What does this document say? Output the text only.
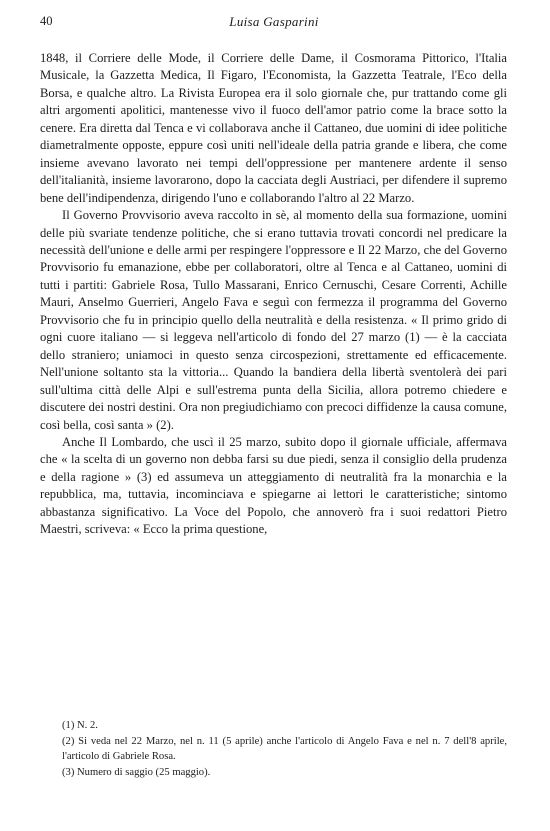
40	Luisa Gasparini

1848, il Corriere delle Mode, il Corriere delle Dame, il Cosmorama Pittorico, l'Italia Musicale, la Gazzetta Medica, Il Figaro, l'Economista, la Gazzetta Teatrale, l'Eco della Borsa, e qualche altro. La Rivista Europea era il solo giornale che, pur trattando come gli altri argomenti apolitici, mantenesse vivo il fuoco dell'amor patrio come la brace sotto la cenere. Era diretta dal Tenca e vi collaborava anche il Cattaneo, due uomini di idee politiche diametralmente opposte, eppure così uniti nell'ideale della patria grande e libera, che come insieme avevano lavorato nei tempi dell'oppressione per mantenere ardente il senso dell'italianità, insieme lavorarono, dopo la cacciata degli Austriaci, per difendere il supremo bene dell'indipendenza, dirigendo l'uno e collaborando l'altro al 22 Marzo.

Il Governo Provvisorio aveva raccolto in sè, al momento della sua formazione, uomini delle più svariate tendenze politiche, che si erano tuttavia trovati concordi nel predicare la necessità dell'unione e delle armi per respingere l'oppressore e Il 22 Marzo, che del Governo Provvisorio fu emanazione, ebbe per collaboratori, oltre al Tenca e al Cattaneo, uomini di tutti i partiti: Gabriele Rosa, Tullo Massarani, Enrico Cernuschi, Cesare Correnti, Achille Mauri, Anselmo Guerrieri, Angelo Fava e seguì con fermezza il programma del Governo Provvisorio che fu in principio quello della neutralità e della resistenza. « Il primo grido di ogni cuore italiano — si leggeva nell'articolo di fondo del 27 marzo (1) — è la cacciata dello straniero; uniamoci in questo senza circospezioni, strettamente ed efficacemente. Nell'unione soltanto sta la vittoria... Quando la bandiera della libertà sventolerà dei pari sull'ultima città delle Alpi e sull'estrema punta della Sicilia, allora potremo chiedere e discutere dei nostri destini. Ora non pregiudichiamo con precoci diffidenze la causa comune, così bella, così santa » (2).

Anche Il Lombardo, che uscì il 25 marzo, subito dopo il giornale ufficiale, affermava che « la scelta di un governo non debba farsi su due piedi, senza il consiglio della prudenza e della ragione » (3) ed assumeva un atteggiamento di neutralità fra la monarchia e la repubblica, ma, tuttavia, incominciava e spiegarne ai lettori le caratteristiche; sintomo abbastanza significativo. La Voce del Popolo, che annoverò fra i suoi redattori Pietro Maestri, scriveva: « Ecco la prima questione,

(1) N. 2.

(2) Si veda nel 22 Marzo, nel n. 11 (5 aprile) anche l'articolo di Angelo Fava e nel n. 7 dell'8 aprile, l'articolo di Gabriele Rosa.

(3) Numero di saggio (25 maggio).
